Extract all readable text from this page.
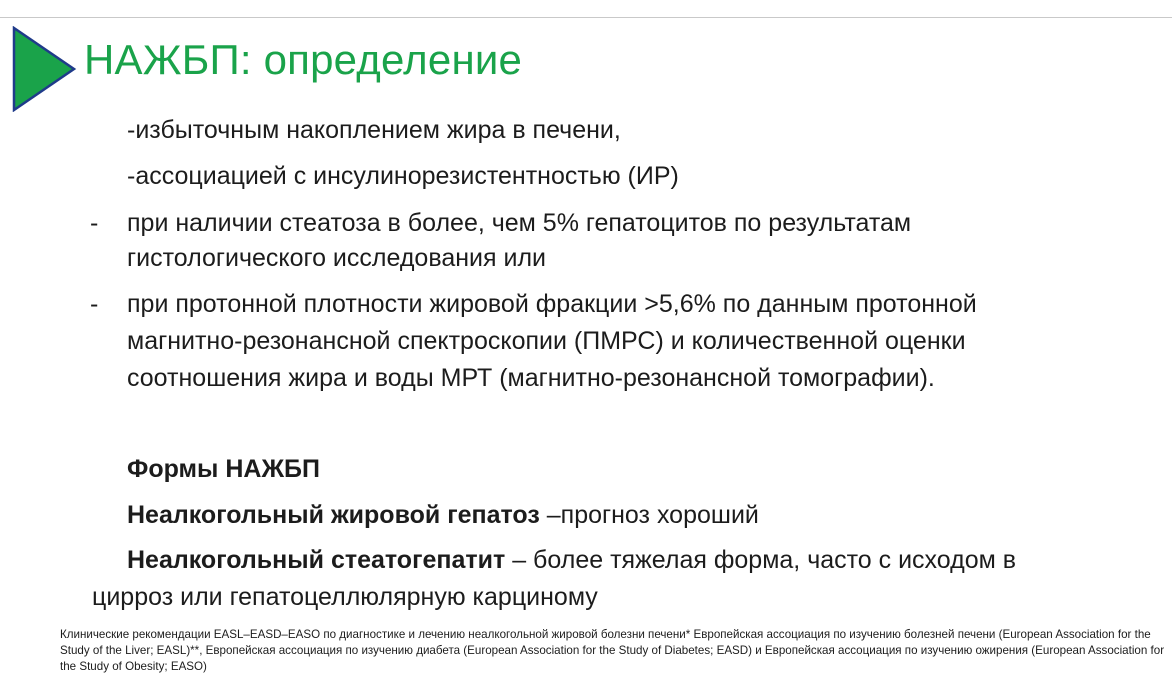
НАЖБП: определение

-избыточным накоплением жира в печени,

-ассоциацией с инсулинорезистентностью (ИР)

- при наличии стеатоза в более, чем 5% гепатоцитов по результатам

гистологического исследования или

- при протонной плотности жировой фракции >5,6% по данным протонной

магнитно-резонансной спектроскопии (ПМРС) и количественной оценки

соотношения жира и воды МРТ (магнитно-резонансной томографии).

Формы НАЖБП

Неалкогольный жировой гепатоз –прогноз хороший

Неалкогольный стеатогепатит – более тяжелая форма, часто с исходом в

цирроз или гепатоцеллюлярную карциному

Клинические рекомендации EASL–EASD–EASO по диагностике и лечению неалкогольной жировой болезни печени* Европейская ассоциация по изучению болезней печени (European Association for the Study of the Liver; EASL)**, Европейская ассоциация по изучению диабета (European Association for the Study of Diabetes; EASD) и Европейская ассоциация по изучению ожирения (European Association for the Study of Obesity; EASO)
